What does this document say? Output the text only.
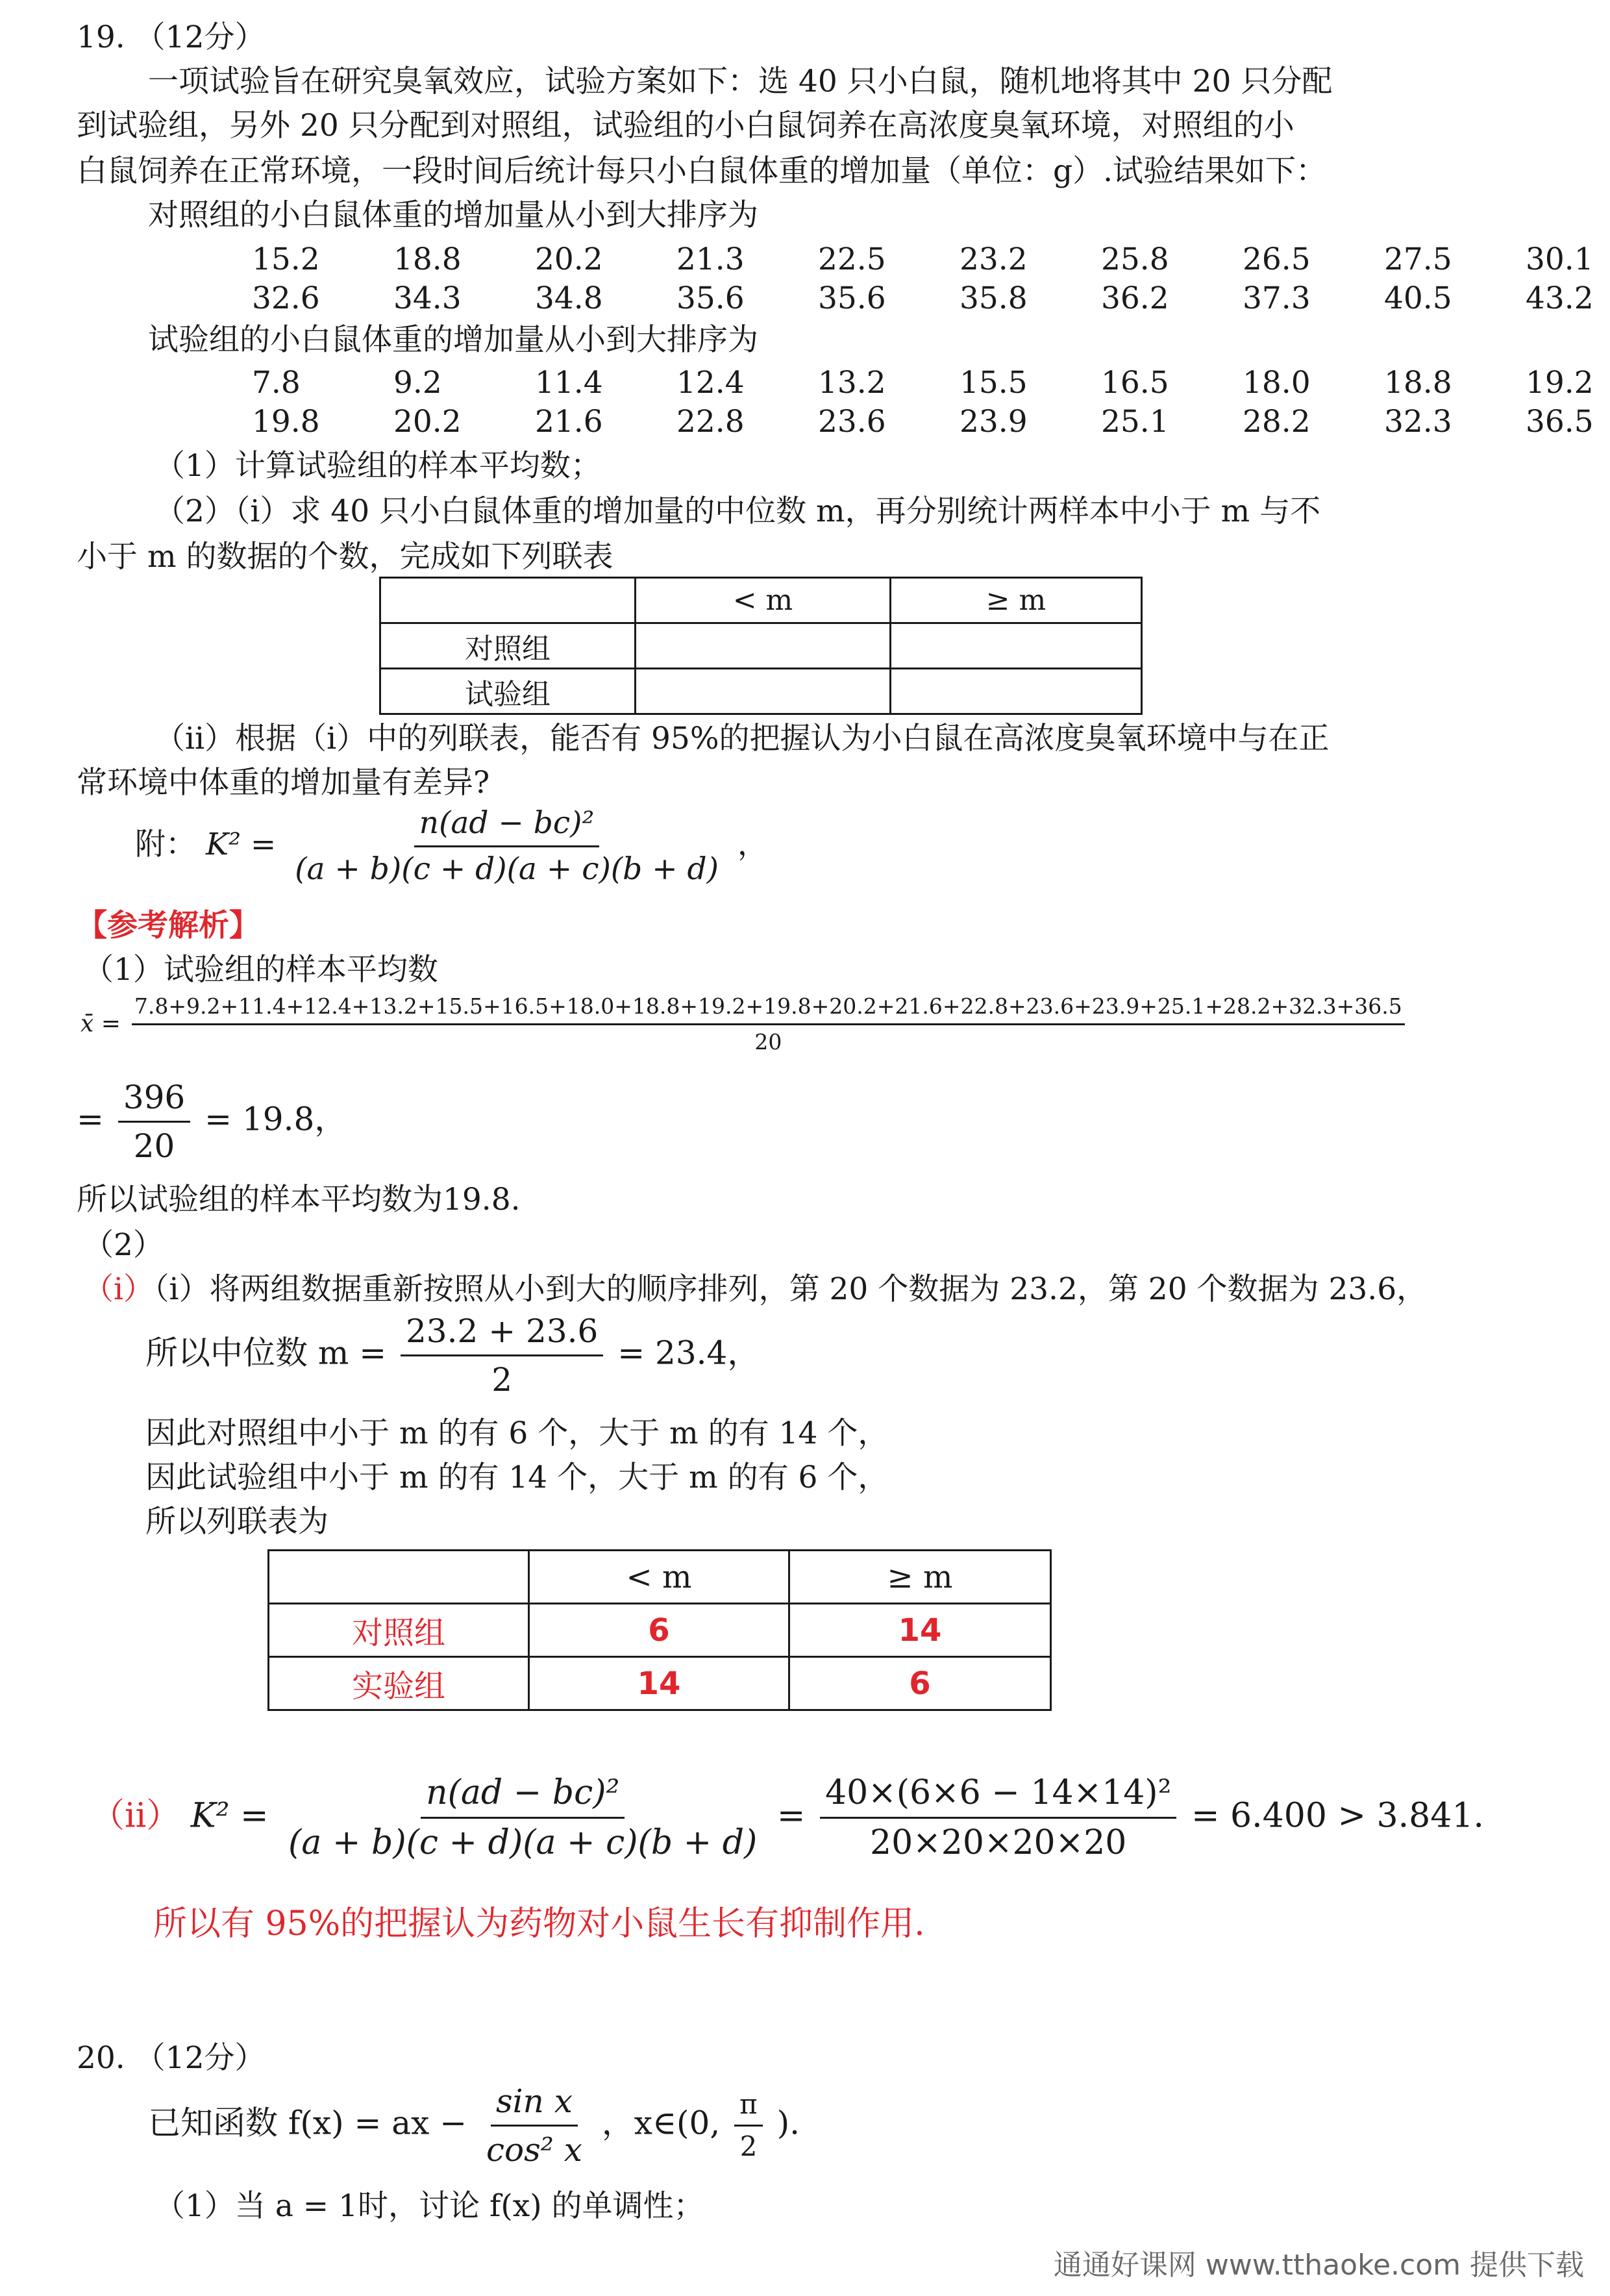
19. （12分）
一项试验旨在研究臭氧效应，试验方案如下：选 40 只小白鼠，随机地将其中 20 只分配
到试验组，另外 20 只分配到对照组，试验组的小白鼠饲养在高浓度臭氧环境，对照组的小
白鼠饲养在正常环境，一段时间后统计每只小白鼠体重的增加量（单位：g）.试验结果如下：
对照组的小白鼠体重的增加量从小到大排序为
15.2 18.8 20.2 21.3 22.5 23.2 25.8 26.5 27.5 30.1
32.6 34.3 34.8 35.6 35.6 35.8 36.2 37.3 40.5 43.2
试验组的小白鼠体重的增加量从小到大排序为
7.8	9.2	11.4 12.4 13.2 15.5 16.5 18.0 18.8 19.2
19.8 20.2 21.6 22.8 23.6 23.9 25.1 28.2 32.3 36.5
（1）计算试验组的样本平均数；
（2）（i）求 40 只小白鼠体重的增加量的中位数 m，再分别统计两样本中小于 m 与不
小于 m 的数据的个数，完成如下列联表
	< m	≥ m
对照组		
试验组		
（ii）根据（i）中的列联表，能否有 95%的把握认为小白鼠在高浓度臭氧环境中与在正
常环境中体重的增加量有差异?
附： $K^2 = \frac{\text{n(ad − bc)²}}{(a + b)(c + d)(a + c)(b + d)}$ ，
【参考解析】
（1）试验组的样本平均数
x̄ =
7.8+9.2+11.4+12.4+13.2+15.5+16.5+18.0+18.8+19.2+19.8+20.2+21.6+22.8+23.6+23.9+25.1+28.2+32.3+36.5
20
= $\frac{396}{20} = 19.8$，
所以试验组的样本平均数为19.8.
（2）
（i）（i）将两组数据重新按照从小到大的顺序排列，第 20 个数据为 23.2，第 20 个数据为 23.6，
所以中位数 $m = \frac{23.2 + 23.6}{2} = 23.4$，
因此对照组中小于 m 的有 6 个，大于 m 的有 14 个，
因此试验组中小于 m 的有 14 个，大于 m 的有 6 个，
所以列联表为
	< m	≥ m
对照组	6	14
实验组	14	6
（ii） $K^2 = \frac{\text{n(ad − bc)²}}{(a + b)(c + d)(a + c)(b + d)} = \frac{\text{40×(6×6 − 14×14)²}}{20\times 20\times 20\times 20} = 6.400 > 3.841$.
所以有 95%的把握认为药物对小鼠生长有抑制作用.
20. （12分）
已知函数 f(x) = ax − $\frac{\text{sin x}}{\text{cos² x}}$ ，x∈(0, $\frac{\pi}{2}$ ).
（1）当 a = 1时，讨论 f(x) 的单调性；
通通好课网 www.tthaoke.com 提供下载
